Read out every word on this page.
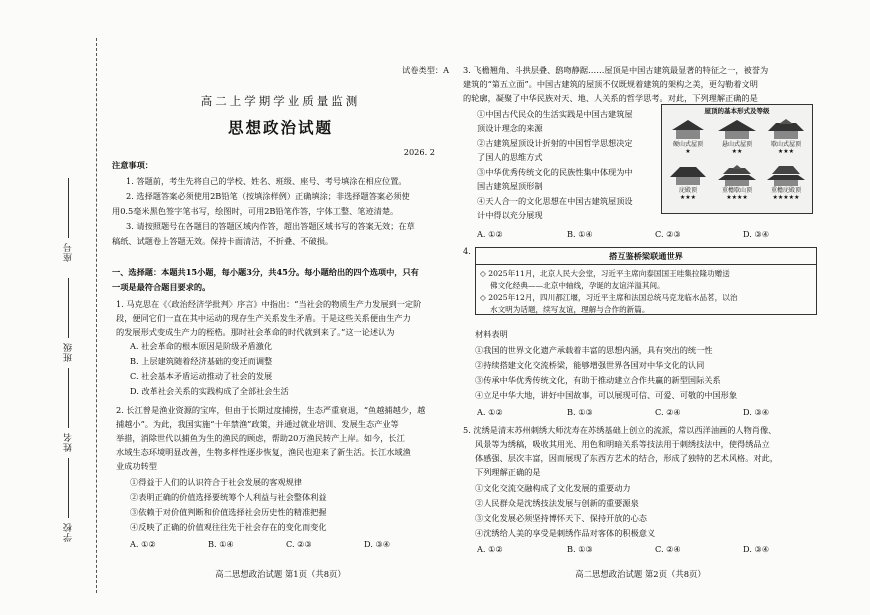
座号
班级
姓名
学校
试卷类型：A
高二上学期学业质量监测
思想政治试题
2026. 2
注意事项：
1. 答题前，考生先将自己的学校、姓名、班级、座号、考号填涂在相应位置。
2. 选择题答案必须使用2B铅笔（按填涂样例）正确填涂；非选择题答案必须使
用0.5毫米黑色签字笔书写，绘图时，可用2B铅笔作答，字体工整、笔迹清楚。
3. 请按照题号在各题目的答题区域内作答，超出答题区域书写的答案无效；在草
稿纸、试题卷上答题无效。保持卡面清洁，不折叠、不破损。
一、选择题：本题共15小题，每小题3分，共45分。每小题给出的四个选项中，只有
一项是最符合题目要求的。
1. 马克思在《〈政治经济学批判〉序言》中指出：“当社会的物质生产力发展到一定阶
段，便同它们一直在其中运动的现存生产关系发生矛盾。于是这些关系便由生产力
的发展形式变成生产力的桎梏。那时社会革命的时代就到来了。”这一论述认为
A. 社会革命的根本原因是阶级矛盾激化
B. 上层建筑随着经济基础的变迁而调整
C. 社会基本矛盾运动推动了社会的发展
D. 改革社会关系的实践构成了全部社会生活
2. 长江曾是渔业资源的宝库，但由于长期过度捕捞，生态严重衰退，“鱼越捕越少，越
捕越小”。为此，我国实施“十年禁渔”政策，并通过就业培训、发展生态产业等
举措，消除世代以捕鱼为生的渔民的顾虑，帮助20万渔民转产上岸。如今，长江
水域生态环境明显改善，生物多样性逐步恢复，渔民也迎来了新生活。长江水域渔
业成功转型
①得益于人们的认识符合于社会发展的客观规律
②表明正确的价值选择要统筹个人利益与社会整体利益
③依赖于对价值判断和价值选择社会历史性的精准把握
④反映了正确的价值观往往先于社会存在的变化而变化
A. ①②	B. ①④	C. ②③	D. ③④
高二思想政治试题 第1页（共8页）
3. 飞檐翘角、斗拱层叠、鸱吻静踞……屋顶是中国古建筑最显著的特征之一，被誉为
建筑的“第五立面”。中国古建筑的屋顶不仅既规着建筑的架构之美，更勾勒着文明
的轮廓，凝聚了中华民族对天、地、人关系的哲学思考。对此，下列理解正确的是
①中国古代民众的生活实践是中国古建筑屋
顶设计理念的来源
②古建筑屋顶设计折射的中国哲学思想决定
了国人的思维方式
③中华优秀传统文化的民族性集中体现为中
国古建筑屋顶形制
④天人合一的文化思想在中国古建筑屋顶设
计中得以充分展现
屋顶的基本形式及等级
硬山式屋顶
★
悬山式屋顶
★★
歇山式屋顶
★★★
庑殿顶
★★★
重檐歇山顶
★★★★
重檐庑殿顶
★★★★★
A. ①②	B. ①④	C. ②③	D. ③④
4.	搭互鉴桥梁联通世界
◇ 2025年11月，北京人民大会堂，习近平主席向泰国国王哇集拉隆功赠送
佛文化经典——北京中轴线，孕诞的友谊洋溢其间。
◇ 2025年12月，四川都江堰，习近平主席和法国总统马克龙临水品茗，以治
水文明为话题，续写友谊，理解与合作的新篇。
材料表明
①我国的世界文化遗产承载着丰富的思想内涵，具有突出的统一性
②持续搭建文化交流桥梁，能够增强世界各国对中华文化的认同
③传承中华优秀传统文化，有助于推动建立合作共赢的新型国际关系
④立足中华大地，讲好中国故事，可以展现可信、可爱、可敬的中国形象
A. ①②	B. ①③	C. ②④	D. ③④
5. 沈绣是清末苏州刺绣大师沈寿在苏绣基础上创立的流派，常以西洋油画的人物肖像、
风景等为绣稿，吸收其用光、用色和明暗关系等技法用于刺绣技法中，使得绣品立
体感强、层次丰富，因而展现了东西方艺术的结合，形成了独特的艺术风格。对此，
下列理解正确的是
①文化交流交融构成了文化发展的重要动力
②人民群众是沈绣技法发展与创新的重要源泉
③文化发展必须坚持博怀天下、保持开放的心态
④沈绣给人美的享受是刺绣作品对客体的积极意义
A. ①②	B. ①③	C. ②④	D. ③④
高二思想政治试题 第2页（共8页）
